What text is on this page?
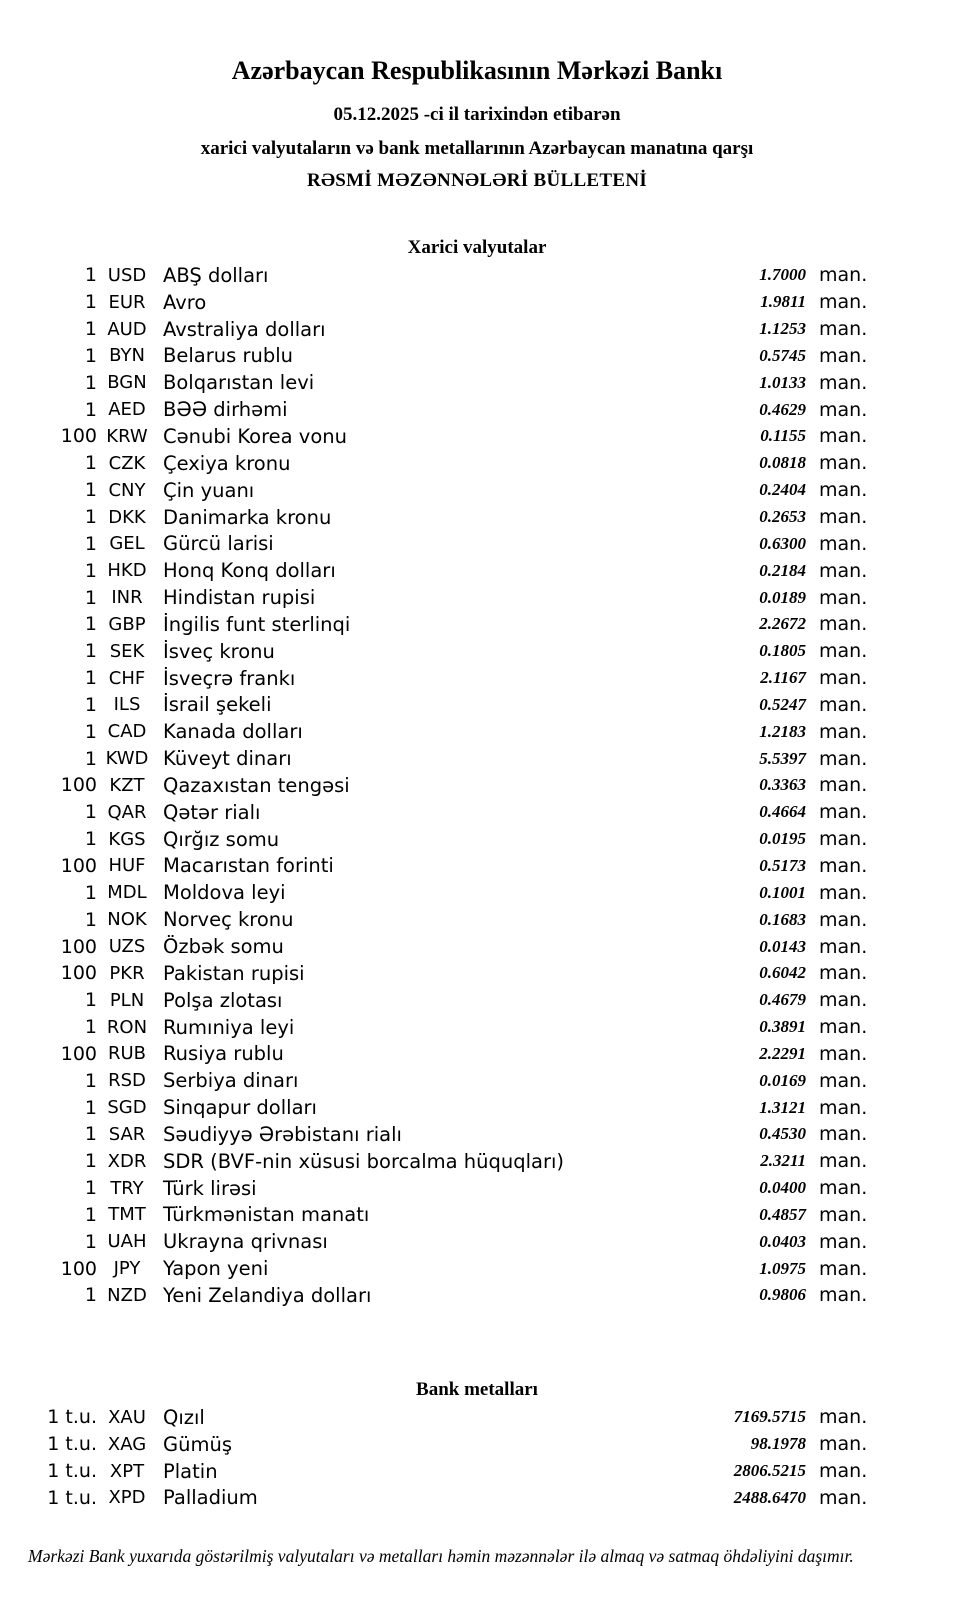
Azərbaycan Respublikasının Mərkəzi Bankı
05.12.2025 -ci il tarixindən etibarən
xarici valyutaların və bank metallarının Azərbaycan manatına qarşı
RƏSMİ MƏZƏNNƏLƏRİ BÜLLETENİ
Xarici valyutalar
1 USD ABŞ dolları	1.7000 man.
1 EUR Avro	1.9811 man.
1 AUD Avstraliya dolları	1.1253 man.
1 BYN Belarus rublu	0.5745 man.
1 BGN Bolqarıstan levi	1.0133 man.
1 AED BƏƏ dirhəmi	0.4629 man.
100 KRW Cənubi Korea vonu	0.1155 man.
1 CZK Çexiya kronu	0.0818 man.
1 CNY Çin yuanı	0.2404 man.
1 DKK Danimarka kronu	0.2653 man.
1 GEL Gürcü larisi	0.6300 man.
1 HKD Honq Konq dolları	0.2184 man.
1 INR	Hindistan rupisi	0.0189 man.
1 GBP İngilis funt sterlinqi	2.2672 man.
1 SEK İsveç kronu	0.1805 man.
1 CHF İsveçrə frankı	2.1167 man.
1 ILS	İsrail şekeli	0.5247 man.
1 CAD Kanada dolları	1.2183 man.
1 KWD Küveyt dinarı	5.5397 man.
100 KZT Qazaxıstan tengəsi	0.3363 man.
1 QAR Qətər rialı	0.4664 man.
1 KGS Qırğız somu	0.0195 man.
100 HUF Macarıstan forinti	0.5173 man.
1 MDL Moldova leyi	0.1001 man.
1 NOK Norveç kronu	0.1683 man.
100 UZS Özbək somu	0.0143 man.
100 PKR Pakistan rupisi	0.6042 man.
1 PLN Polşa zlotası	0.4679 man.
1 RON Rumıniya leyi	0.3891 man.
100 RUB Rusiya rublu	2.2291 man.
1 RSD Serbiya dinarı	0.0169 man.
1 SGD Sinqapur dolları	1.3121 man.
1 SAR Səudiyyə Ərəbistanı rialı	0.4530 man.
1 XDR SDR (BVF-nin xüsusi borcalma hüquqları)	2.3211 man.
1 TRY Türk lirəsi	0.0400 man.
1 TMT Türkmənistan manatı	0.4857 man.
1 UAH Ukrayna qrivnası	0.0403 man.
100 JPY	Yapon yeni	1.0975 man.
1 NZD Yeni Zelandiya dolları	0.9806 man.
Bank metalları
1 t.u. XAU Qızıl	7169.5715 man.
1 t.u. XAG Gümüş	98.1978 man.
1 t.u. XPT Platin	2806.5215 man.
1 t.u. XPD Palladium	2488.6470 man.
Mərkəzi Bank yuxarıda göstərilmiş valyutaları və metalları həmin məzənnələr ilə almaq və satmaq öhdəliyini daşımır.
